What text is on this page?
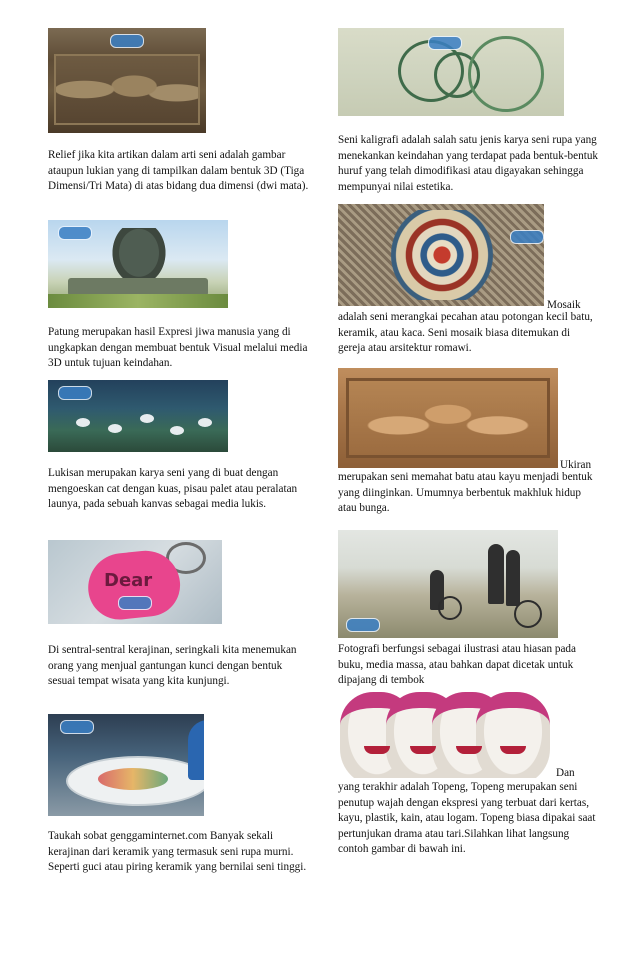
Relief jika kita artikan dalam arti seni adalah gambar ataupun lukian yang di tampilkan dalam bentuk 3D (Tiga Dimensi/Tri Mata) di atas bidang dua dimensi (dwi mata).

Patung merupakan hasil Expresi jiwa manusia yang di ungkapkan dengan membuat bentuk Visual melalui media 3D untuk tujuan keindahan.

Lukisan merupakan karya seni yang di buat dengan mengoeskan cat dengan kuas, pisau palet atau peralatan launya, pada sebuah kanvas sebagai media lukis.

Dear

Di sentral-sentral kerajinan, seringkali kita menemukan orang yang menjual gantungan kunci dengan bentuk sesuai tempat wisata yang kita kunjungi.

Taukah sobat genggaminternet.com Banyak sekali kerajinan dari keramik yang termasuk seni rupa murni. Seperti guci atau piring keramik yang bernilai seni tinggi.

Seni kaligrafi adalah salah satu jenis karya seni rupa yang menekankan keindahan yang terdapat pada bentuk-bentuk huruf yang telah dimodifikasi atau digayakan sehingga mempunyai nilai estetika.

Mosaik

adalah seni merangkai pecahan atau potongan kecil batu, keramik, atau kaca. Seni mosaik biasa ditemukan di gereja atau arsitektur romawi.

Ukiran

merupakan seni memahat batu atau kayu menjadi bentuk yang diinginkan. Umumnya berbentuk makhluk hidup atau bunga.

Fotografi berfungsi sebagai ilustrasi atau hiasan pada buku, media massa, atau bahkan dapat dicetak untuk dipajang di tembok

Dan

yang terakhir adalah Topeng, Topeng merupakan seni penutup wajah dengan ekspresi yang terbuat dari kertas, kayu, plastik, kain, atau logam. Topeng biasa dipakai saat pertunjukan drama atau tari.Silahkan lihat langsung contoh gambar di bawah ini.
